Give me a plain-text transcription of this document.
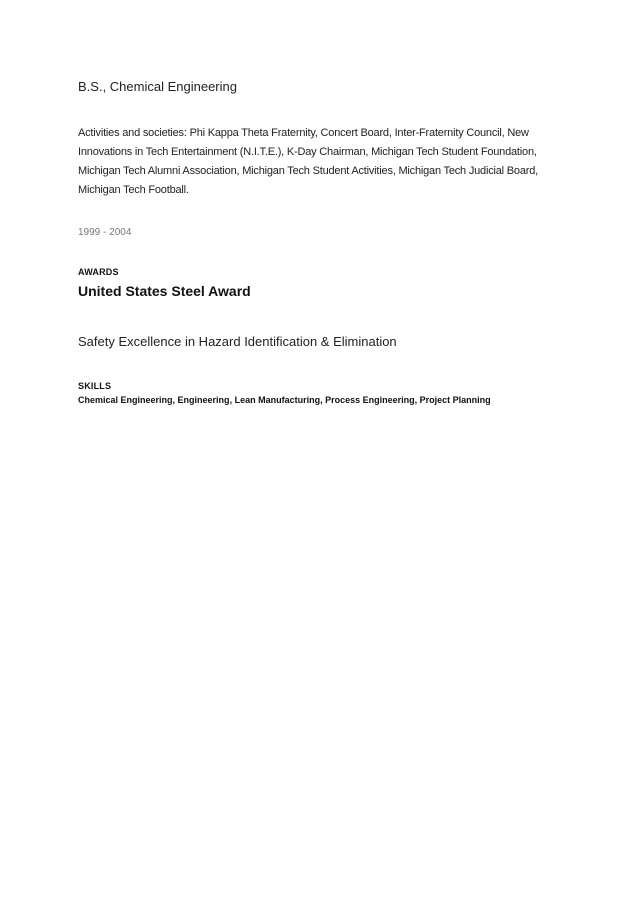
B.S., Chemical Engineering
Activities and societies: Phi Kappa Theta Fraternity, Concert Board, Inter-Fraternity Council, New Innovations in Tech Entertainment (N.I.T.E.), K-Day Chairman, Michigan Tech Student Foundation, Michigan Tech Alumni Association, Michigan Tech Student Activities, Michigan Tech Judicial Board, Michigan Tech Football.
1999 - 2004
AWARDS
United States Steel Award
Safety Excellence in Hazard Identification & Elimination
SKILLS
Chemical Engineering, Engineering, Lean Manufacturing, Process Engineering, Project Planning
